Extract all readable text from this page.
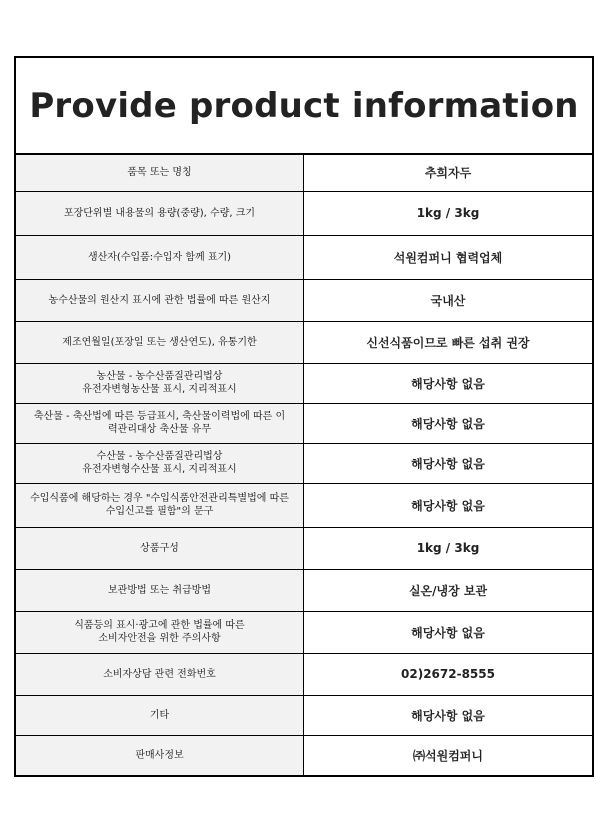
Provide product information
품목 또는 명칭	추희자두
포장단위별 내용물의 용량(중량), 수량, 크기	1kg / 3kg
생산자(수입품:수입자 함께 표기)	석원컴퍼니 협력업체
농수산물의 원산지 표시에 관한 법률에 따른 원산지	국내산
제조연월일(포장일 또는 생산연도), 유통기한	신선식품이므로 빠른 섭취 권장
농산물 - 농수산품질관리법상
유전자변형농산물 표시, 지리적표시	해당사항 없음
축산물 - 축산법에 따른 등급표시, 축산물이력법에 따른 이
력관리대상 축산물 유무	해당사항 없음
수산물 - 농수산품질관리법상
유전자변형수산물 표시, 지리적표시	해당사항 없음
수입식품에 해당하는 경우 "수입식품안전관리특별법에 따른
수입신고를 필함"의 문구	해당사항 없음
상품구성	1kg / 3kg
보관방법 또는 취급방법	실온/냉장 보관
식품등의 표시·광고에 관한 법률에 따른
소비자안전을 위한 주의사항	해당사항 없음
소비자상담 관련 전화번호	02)2672-8555
기타	해당사항 없음
판매사정보	㈜석원컴퍼니
